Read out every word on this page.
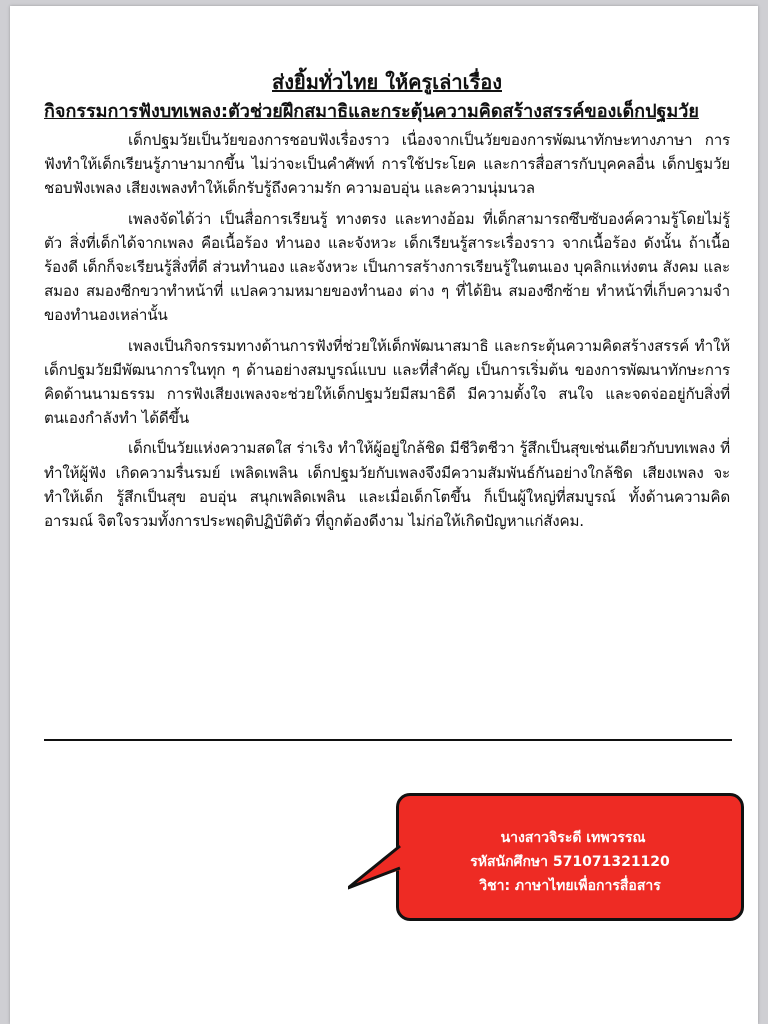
ส่งยิ้มทั่วไทย ให้ครูเล่าเรื่อง
กิจกรรมการฟังบทเพลง:ตัวช่วยฝึกสมาธิและกระตุ้นความคิดสร้างสรรค์ของเด็กปฐมวัย

เด็กปฐมวัยเป็นวัยของการชอบฟังเรื่องราว เนื่องจากเป็นวัยของการพัฒนาทักษะทางภาษา การฟังทำให้เด็กเรียนรู้ภาษามากขึ้น ไม่ว่าจะเป็นคำศัพท์ การใช้ประโยค และการสื่อสารกับบุคคลอื่น เด็กปฐมวัยชอบฟังเพลง เสียงเพลงทำให้เด็กรับรู้ถึงความรัก ความอบอุ่น และความนุ่มนวล

เพลงจัดได้ว่า เป็นสื่อการเรียนรู้ ทางตรง และทางอ้อม ที่เด็กสามารถซึบซับองค์ความรู้โดยไม่รู้ตัว สิ่งที่เด็กได้จากเพลง คือเนื้อร้อง ทำนอง และจังหวะ เด็กเรียนรู้สาระเรื่องราว จากเนื้อร้อง ดังนั้น ถ้าเนื้อร้องดี เด็กก็จะเรียนรู้สิ่งที่ดี ส่วนทำนอง และจังหวะ เป็นการสร้างการเรียนรู้ในตนเอง บุคลิกแห่งตน สังคม และสมอง สมองซีกขวาทำหน้าที่ แปลความหมายของทำนอง ต่าง ๆ ที่ได้ยิน สมองซีกซ้าย ทำหน้าที่เก็บความจำของทำนองเหล่านั้น

เพลงเป็นกิจกรรมทางด้านการฟังที่ช่วยให้เด็กพัฒนาสมาธิ และกระตุ้นความคิดสร้างสรรค์ ทำให้เด็กปฐมวัยมีพัฒนาการในทุก ๆ ด้านอย่างสมบูรณ์แบบ และที่สำคัญ เป็นการเริ่มต้น ของการพัฒนาทักษะการคิดด้านนามธรรม การฟังเสียงเพลงจะช่วยให้เด็กปฐมวัยมีสมาธิดี มีความตั้งใจ สนใจ และจดจ่ออยู่กับสิ่งที่ตนเองกำลังทำ ได้ดีขึ้น

เด็กเป็นวัยแห่งความสดใส ร่าเริง ทำให้ผู้อยู่ใกล้ชิด มีชีวิตชีวา รู้สึกเป็นสุขเช่นเดียวกับบทเพลง ที่ทำให้ผู้ฟัง เกิดความรื่นรมย์ เพลิดเพลิน เด็กปฐมวัยกับเพลงจึงมีความสัมพันธ์กันอย่างใกล้ชิด เสียงเพลง จะทำให้เด็ก รู้สึกเป็นสุข อบอุ่น สนุกเพลิดเพลิน และเมื่อเด็กโตขึ้น ก็เป็นผู้ใหญ่ที่สมบูรณ์ ทั้งด้านความคิด อารมณ์ จิตใจรวมทั้งการประพฤติปฏิบัติตัว ที่ถูกต้องดีงาม ไม่ก่อให้เกิดปัญหาแก่สังคม.

นางสาวจิระดี เทพวรรณ
รหัสนักศึกษา 571071321120
วิชา: ภาษาไทยเพื่อการสื่อสาร
